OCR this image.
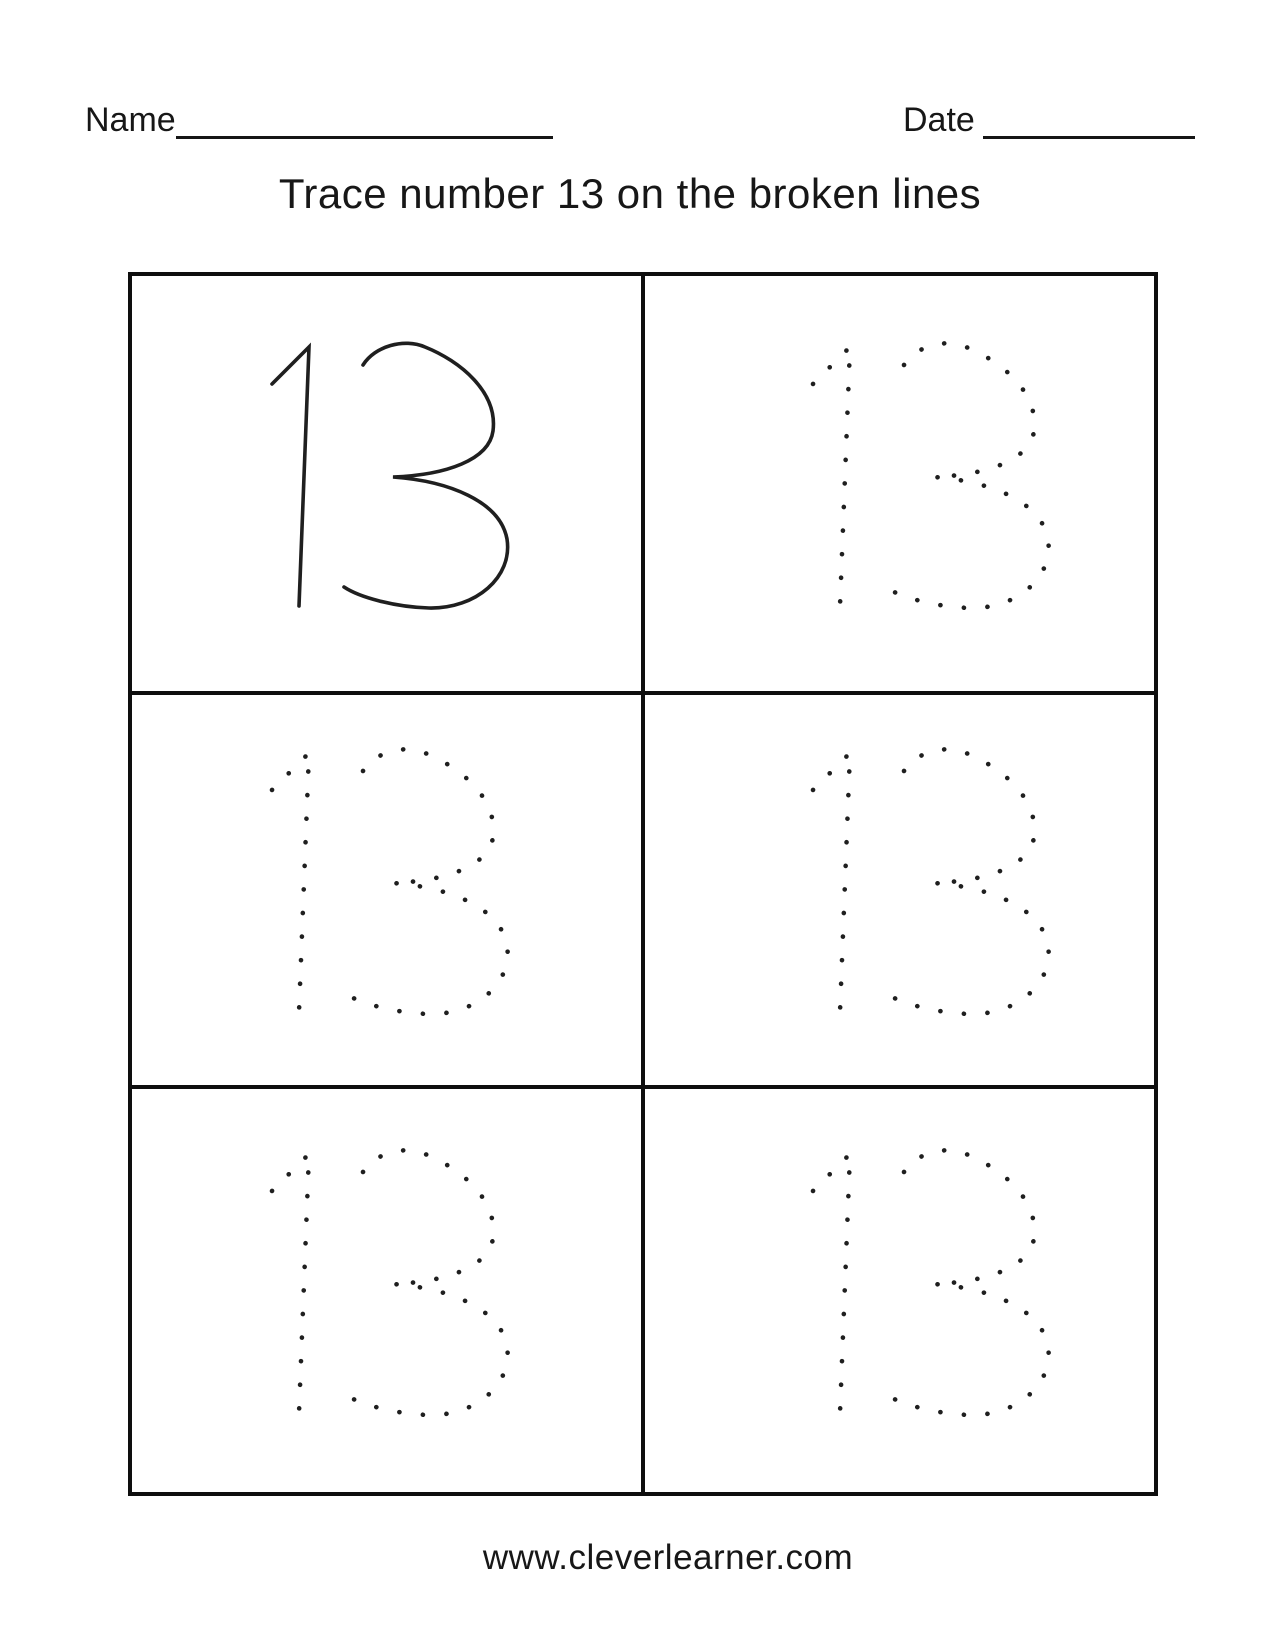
Name	Date
Trace number 13 on the broken lines
www.cleverlearner.com
